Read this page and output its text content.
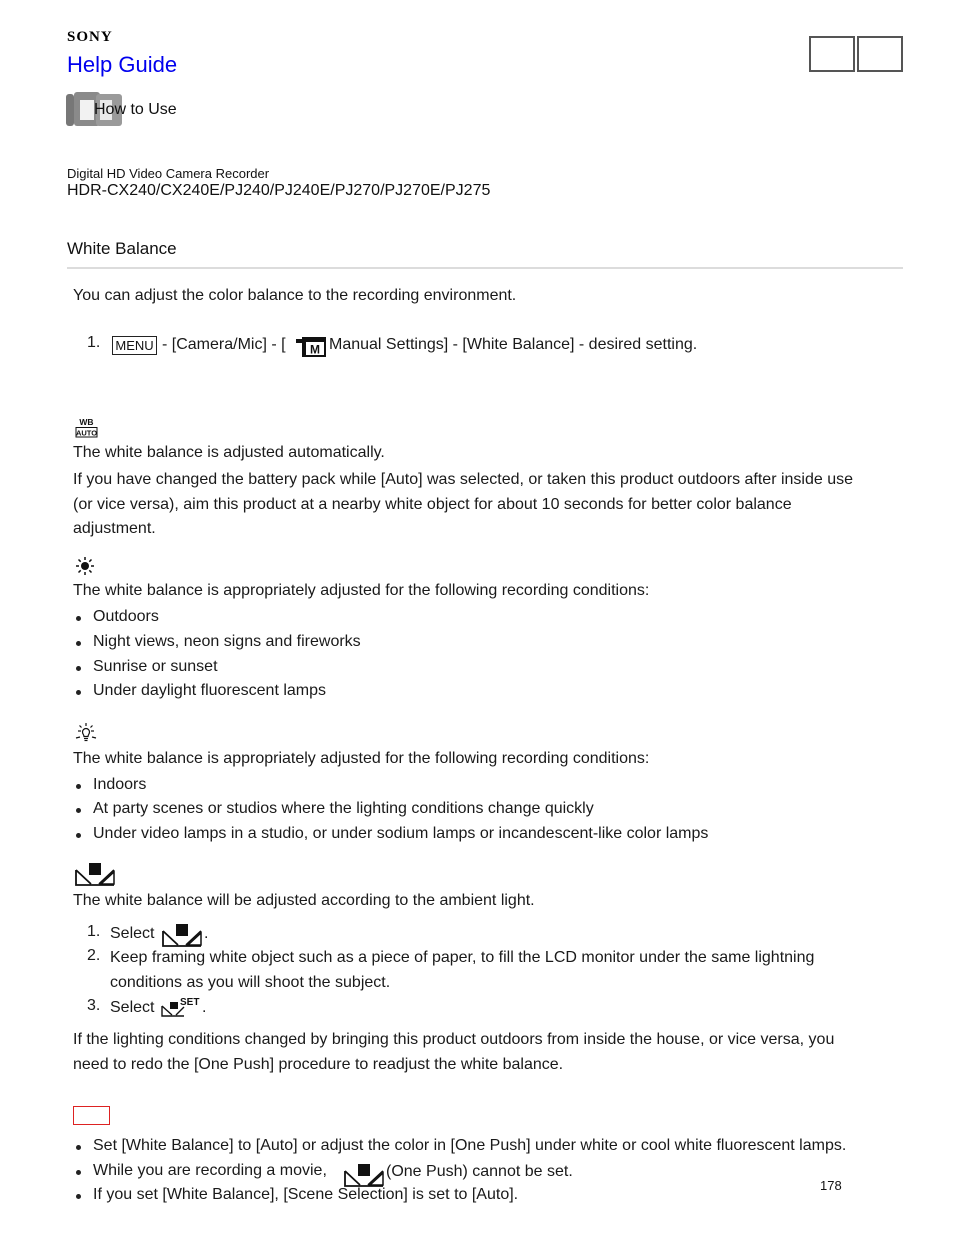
SONY
Help Guide
How to Use
Digital HD Video Camera Recorder
HDR-CX240/CX240E/PJ240/PJ240E/PJ270/PJ270E/PJ275
White Balance
You can adjust the color balance to the recording environment.
1. MENU - [Camera/Mic] - [ M Manual Settings] - [White Balance] - desired setting.
WB
AUTO
The white balance is adjusted automatically.
If you have changed the battery pack while [Auto] was selected, or taken this product outdoors after inside use
(or vice versa), aim this product at a nearby white object for about 10 seconds for better color balance
adjustment.
The white balance is appropriately adjusted for the following recording conditions:
Outdoors
Night views, neon signs and fireworks
Sunrise or sunset
Under daylight fluorescent lamps
The white balance is appropriately adjusted for the following recording conditions:
Indoors
At party scenes or studios where the lighting conditions change quickly
Under video lamps in a studio, or under sodium lamps or incandescent-like color lamps
The white balance will be adjusted according to the ambient light.
1. Select	.
2. Keep framing white object such as a piece of paper, to fill the LCD monitor under the same lightning
conditions as you will shoot the subject.
3. Select	SET .
If the lighting conditions changed by bringing this product outdoors from inside the house, or vice versa, you
need to redo the [One Push] procedure to readjust the white balance.
Set [White Balance] to [Auto] or adjust the color in [One Push] under white or cool white fluorescent lamps.
While you are recording a movie,	(One Push) cannot be set.
If you set [White Balance], [Scene Selection] is set to [Auto].
178
